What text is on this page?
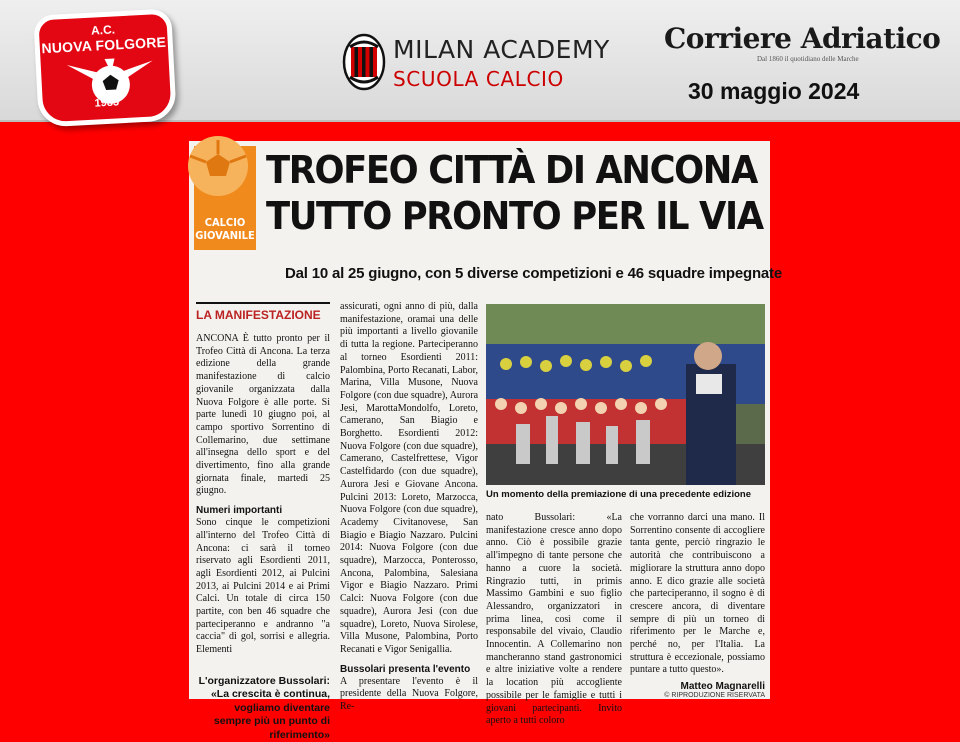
A.C.
NUOVA FOLGORE
1985
MILAN ACADEMY
SCUOLA CALCIO
Corriere Adriatico
Dal 1860 il quotidiano delle Marche
30 maggio 2024
CALCIO
GIOVANILE
TROFEO CITTÀ DI ANCONA
TUTTO PRONTO PER IL VIA
Dal 10 al 25 giugno, con 5 diverse competizioni e 46 squadre impegnate
LA MANIFESTAZIONE

ANCONA È tutto pronto per il Trofeo Città di Ancona. La terza edizione della grande manifestazione di calcio giovanile organizzata dalla Nuova Folgore è alle porte. Si parte lunedì 10 giugno poi, al campo sportivo Sorrentino di Collemarino, due settimane all'insegna dello sport e del divertimento, fino alla grande giornata finale, martedì 25 giugno.

Numeri importanti

Sono cinque le competizioni all'interno del Trofeo Città di Ancona: ci sarà il torneo riservato agli Esordienti 2011, agli Esordienti 2012, ai Pulcini 2013, ai Pulcini 2014 e ai Primi Calci. Un totale di circa 150 partite, con ben 46 squadre che parteciperanno e andranno "a caccia" di gol, sorrisi e allegria. Elementi

L'organizzatore Bussolari: «La crescita è continua, vogliamo diventare sempre più un punto di riferimento»

assicurati, ogni anno di più, dalla manifestazione, oramai una delle più importanti a livello giovanile di tutta la regione. Parteciperanno al torneo Esordienti 2011: Palombina, Porto Recanati, Labor, Marina, Villa Musone, Nuova Folgore (con due squadre), Aurora Jesi, MarottaMondolfo, Loreto, Camerano, San Biagio e Borghetto. Esordienti 2012: Nuova Folgore (con due squadre), Camerano, Castelfrettese, Vigor Castelfidardo (con due squadre), Aurora Jesi e Giovane Ancona. Pulcini 2013: Loreto, Marzocca, Nuova Folgore (con due squadre), Academy Civitanovese, San Biagio e Biagio Nazzaro. Pulcini 2014: Nuova Folgore (con due squadre), Marzocca, Ponterosso, Ancona, Palombina, Salesiana Vigor e Biagio Nazzaro. Primi Calci: Nuova Folgore (con due squadre), Aurora Jesi (con due squadre), Loreto, Nuova Sirolese, Villa Musone, Palombina, Porto Recanati e Vigor Senigallia.

Bussolari presenta l'evento

A presentare l'evento è il presidente della Nuova Folgore, Re-

Un momento della premiazione di una precedente edizione

nato Bussolari: «La manifestazione cresce anno dopo anno. Ciò è possibile grazie all'impegno di tante persone che hanno a cuore la società. Ringrazio tutti, in primis Massimo Gambini e suo figlio Alessandro, organizzatori in prima linea, così come il responsabile del vivaio, Claudio Innocentin. A Collemarino non mancheranno stand gastronomici e altre iniziative volte a rendere la location più accogliente possibile per le famiglie e tutti i giovani partecipanti. Invito aperto a tutti coloro

che vorranno darci una mano. Il Sorrentino consente di accogliere tanta gente, perciò ringrazio le autorità che contribuiscono a migliorare la struttura anno dopo anno. E dico grazie alle società che parteciperanno, il sogno è di crescere ancora, di diventare sempre di più un torneo di riferimento per le Marche e, perché no, per l'Italia. La struttura è eccezionale, possiamo puntare a tutto questo».

Matteo Magnarelli
© RIPRODUZIONE RISERVATA
